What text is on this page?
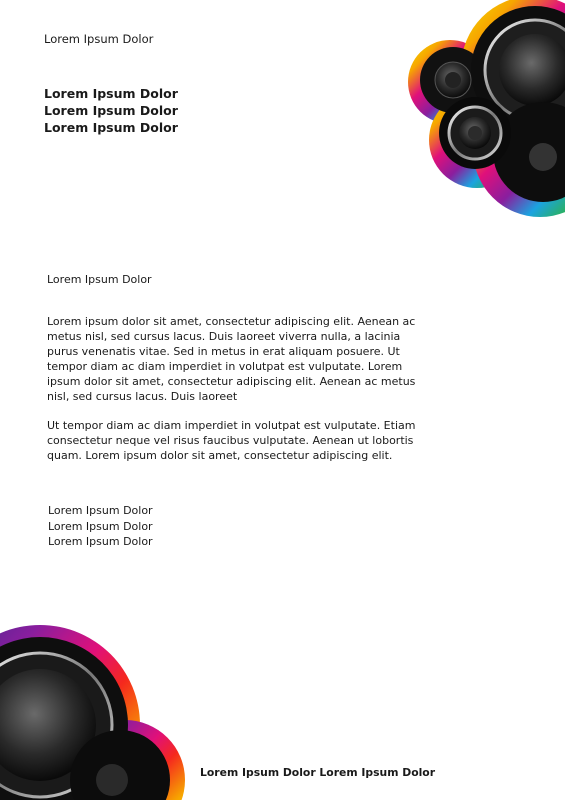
Lorem Ipsum Dolor

Lorem Ipsum Dolor
Lorem Ipsum Dolor
Lorem Ipsum Dolor

Lorem Ipsum Dolor

Lorem ipsum dolor sit amet, consectetur adipiscing elit. Aenean ac metus nisl, sed cursus lacus. Duis laoreet viverra nulla, a lacinia purus venenatis vitae. Sed in metus in erat aliquam posuere. Ut tempor diam ac diam imperdiet in volutpat est vulputate. Lorem ipsum dolor sit amet, consectetur adipiscing elit. Aenean ac metus nisl, sed cursus lacus. Duis laoreet

Ut tempor diam ac diam imperdiet in volutpat est vulputate. Etiam consectetur neque vel risus faucibus vulputate. Aenean ut lobortis quam. Lorem ipsum dolor sit amet, consectetur adipiscing elit.

Lorem Ipsum Dolor
Lorem Ipsum Dolor
Lorem Ipsum Dolor

Lorem Ipsum Dolor Lorem Ipsum Dolor
